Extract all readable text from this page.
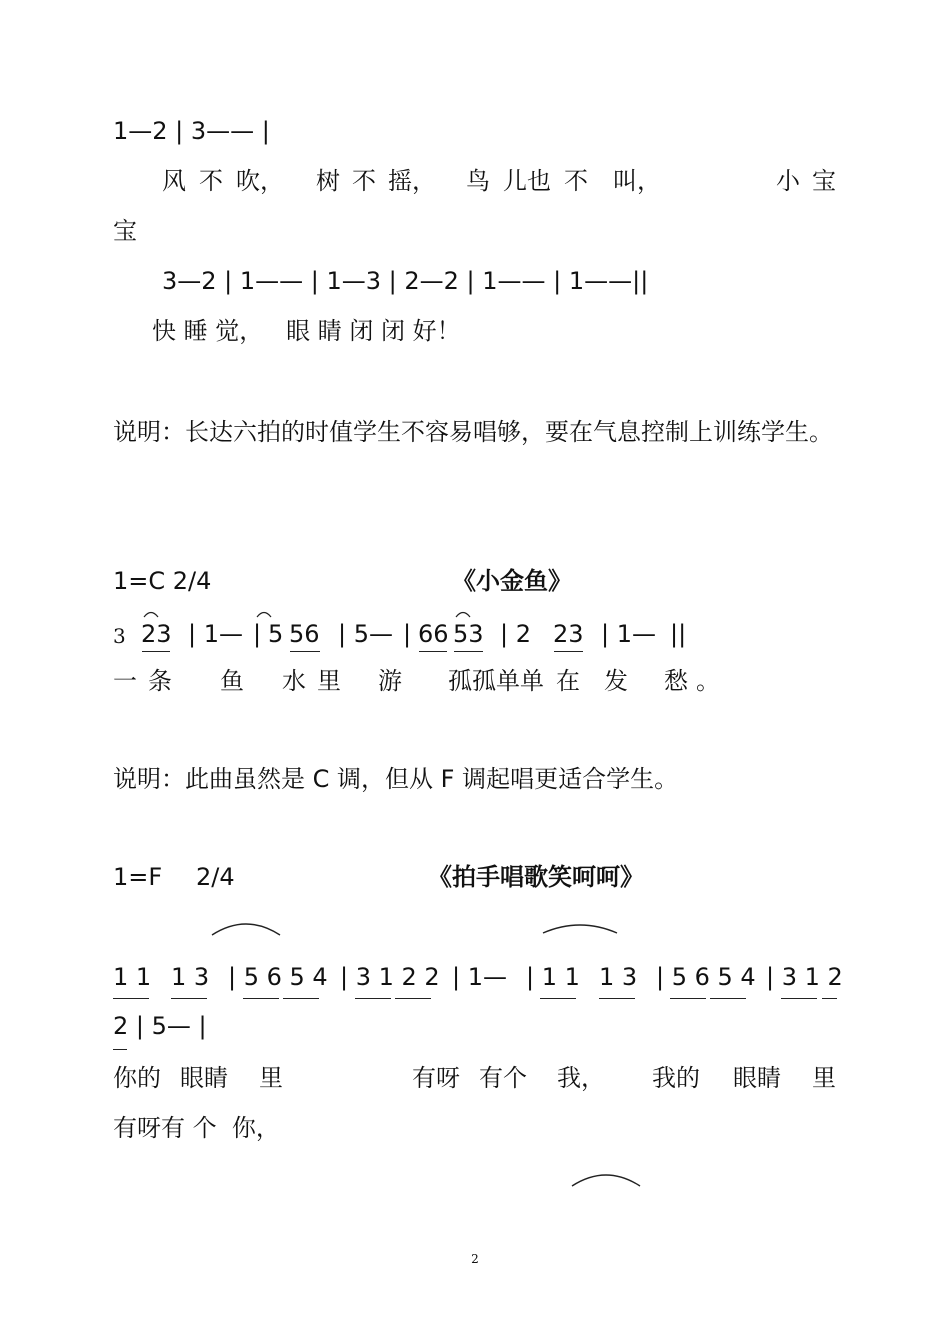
1—2 | 3—— |
风 不 吹， 树 不 摇， 鸟 儿也 不 叫，	小 宝
宝
3—2 | 1—— | 1—3 | 2—2 | 1—— | 1——||
快 睡 觉，   眼 睛 闭 闭 好！
说明：长达六拍的时值学生不容易唱够，要在气息控制上训练学生。
1=C 2/4	《小金鱼》
3 23 | 1— | 5 56 | 5— | 66 53 | 2 23 | 1— ||
一 条 鱼 水 里 游 孤孤单单 在 发 愁 。
说明：此曲虽然是 C 调，但从 F 调起唱更适合学生。
1=F 2/4	《拍手唱歌笑呵呵》
1 1 1 3 | 5 6 5 4 | 3 1 2 2 | 1— | 1 1 1 3 | 5 6 5 4 | 3 1 2
2 | 5— |
你的 眼睛 里	有呀 有个 我， 我的 眼睛 里
有呀有 个  你，
2
